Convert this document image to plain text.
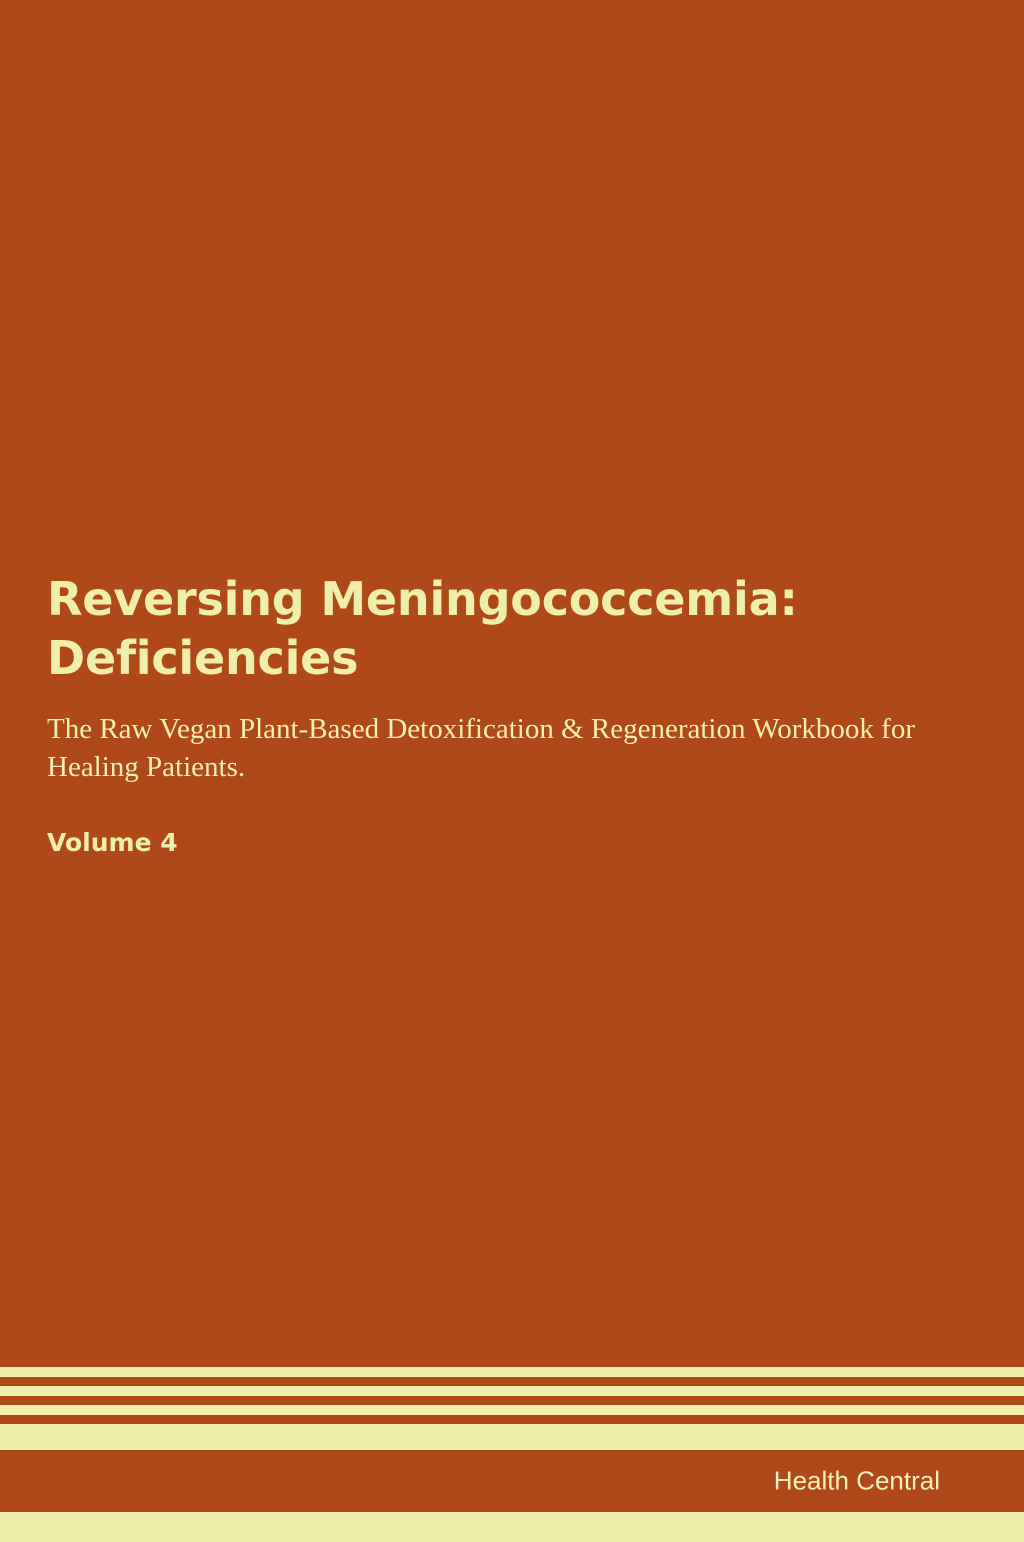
Reversing Meningococcemia: Deficiencies

The Raw Vegan Plant-Based Detoxification & Regeneration Workbook for Healing Patients.

Volume 4

Health Central
